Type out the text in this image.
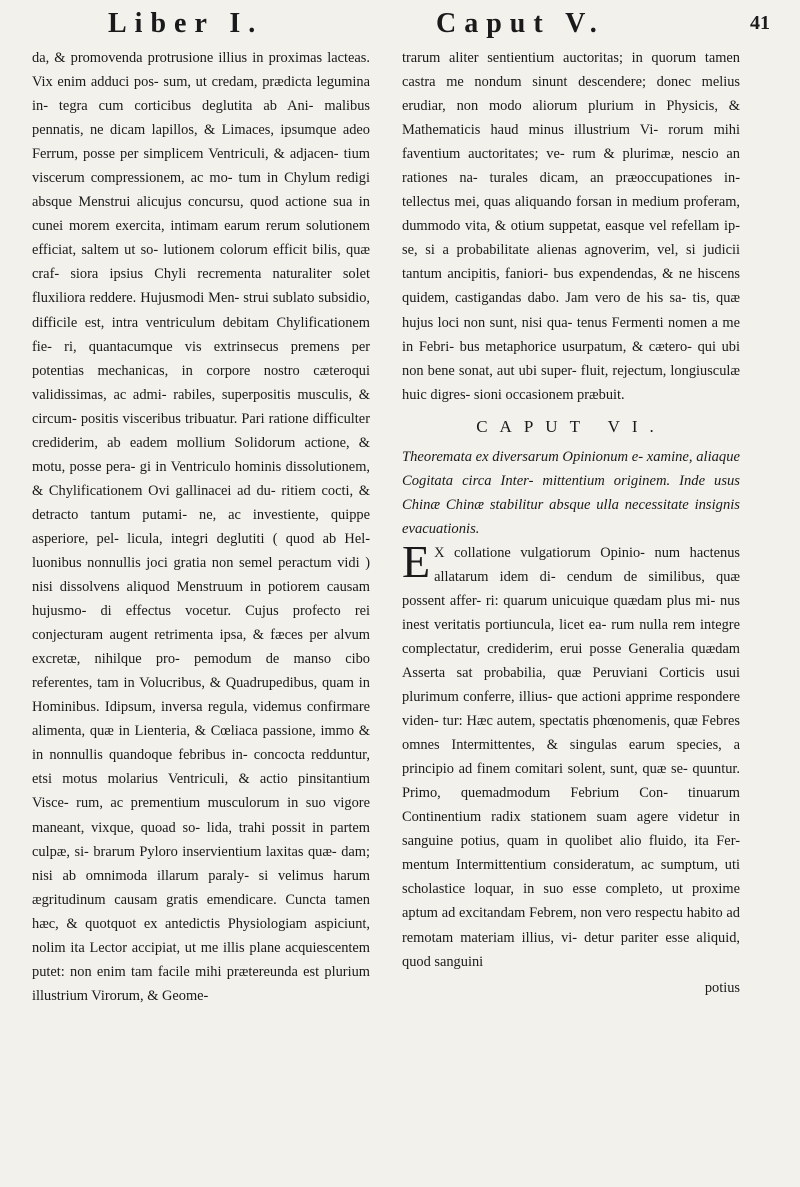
Liber I.	Caput V.	41

da, & promovenda protrusione illius in proximas lacteas. Vix enim adduci pos- sum, ut credam, prædicta legumina in- tegra cum corticibus deglutita ab Ani- malibus pennatis, ne dicam lapillos, & Limaces, ipsumque adeo Ferrum, posse per simplicem Ventriculi, & adjacen- tium viscerum compressionem, ac mo- tum in Chylum redigi absque Menstrui alicujus concursu, quod actione sua in cunei morem exercita, intimam earum rerum solutionem efficiat, saltem ut so- lutionem colorum efficit bilis, quæ craf- siora ipsius Chyli recrementa naturaliter solet fluxiliora reddere. Hujusmodi Men- strui sublato subsidio, difficile est, intra ventriculum debitam Chylificationem fie- ri, quantacumque vis extrinsecus premens per potentias mechanicas, in corpore nostro cæteroqui validissimas, ac admi- rabiles, superpositis musculis, & circum- positis visceribus tribuatur. Pari ratione difficulter crediderim, ab eadem mollium Solidorum actione, & motu, posse pera- gi in Ventriculo hominis dissolutionem, & Chylificationem Ovi gallinacei ad du- ritiem cocti, & detracto tantum putami- ne, ac investiente, quippe asperiore, pel- licula, integri deglutiti ( quod ab Hel- luonibus nonnullis joci gratia non semel peractum vidi ) nisi dissolvens aliquod Menstruum in potiorem causam hujusmo- di effectus vocetur. Cujus profecto rei conjecturam augent retrimenta ipsa, & fæces per alvum excretæ, nihilque pro- pemodum de manso cibo referentes, tam in Volucribus, & Quadrupedibus, quam in Hominibus. Idipsum, inversa regula, videmus confirmare alimenta, quæ in Lienteria, & Cœliaca passione, immo & in nonnullis quandoque febribus in- concocta redduntur, etsi motus molarius Ventriculi, & actio pinsitantium Visce- rum, ac prementium musculorum in suo vigore maneant, vixque, quoad so- lida, trahi possit in partem culpæ, si- brarum Pyloro inservientium laxitas quæ- dam; nisi ab omnimoda illarum paraly- si velimus harum ægritudinum causam gratis emendicare. Cuncta tamen hæc, & quotquot ex antedictis Physiologiam aspiciunt, nolim ita Lector accipiat, ut me illis plane acquiescentem putet: non enim tam facile mihi prætereunda est plurium illustrium Virorum, & Geome-

trarum aliter sentientium auctoritas; in quorum tamen castra me nondum sinunt descendere; donec melius erudiar, non modo aliorum plurium in Physicis, & Mathematicis haud minus illustrium Vi- rorum mihi faventium auctoritates; ve- rum & plurimæ, nescio an rationes na- turales dicam, an præoccupationes in- tellectus mei, quas aliquando forsan in medium proferam, dummodo vita, & otium suppetat, easque vel refellam ip- se, si a probabilitate alienas agnoverim, vel, si judicii tantum ancipitis, faniori- bus expendendas, & ne hiscens quidem, castigandas dabo. Jam vero de his sa- tis, quæ hujus loci non sunt, nisi qua- tenus Fermenti nomen a me in Febri- bus metaphorice usurpatum, & cætero- qui ubi non bene sonat, aut ubi super- fluit, rejectum, longiusculæ huic digres- sioni occasionem præbuit.

CAPUT VI.

Theoremata ex diversarum Opinionum e- xamine, aliaque Cogitata circa Inter- mittentium originem. Inde usus Chinæ Chinæ stabilitur absque ulla necessitate insignis evacuationis.

E X collatione vulgatiorum Opinio- num hactenus allatarum idem di- cendum de similibus, quæ possent affer- ri: quarum unicuique quædam plus mi- nus inest veritatis portiuncula, licet ea- rum nulla rem integre complectatur, crediderim, erui posse Generalia quædam Asserta sat probabilia, quæ Peruviani Corticis usui plurimum conferre, illius- que actioni apprime respondere viden- tur: Hæc autem, spectatis phœnomenis, quæ Febres omnes Intermittentes, & singulas earum species, a principio ad finem comitari solent, sunt, quæ se- quuntur. Primo, quemadmodum Febrium Con- tinuarum Continentium radix stationem suam agere videtur in sanguine potius, quam in quolibet alio fluido, ita Fer- mentum Intermittentium consideratum, ac sumptum, uti scholastice loquar, in suo esse completo, ut proxime aptum ad excitandam Febrem, non vero respectu habito ad remotam materiam illius, vi- detur pariter esse aliquid, quod sanguini

potius
